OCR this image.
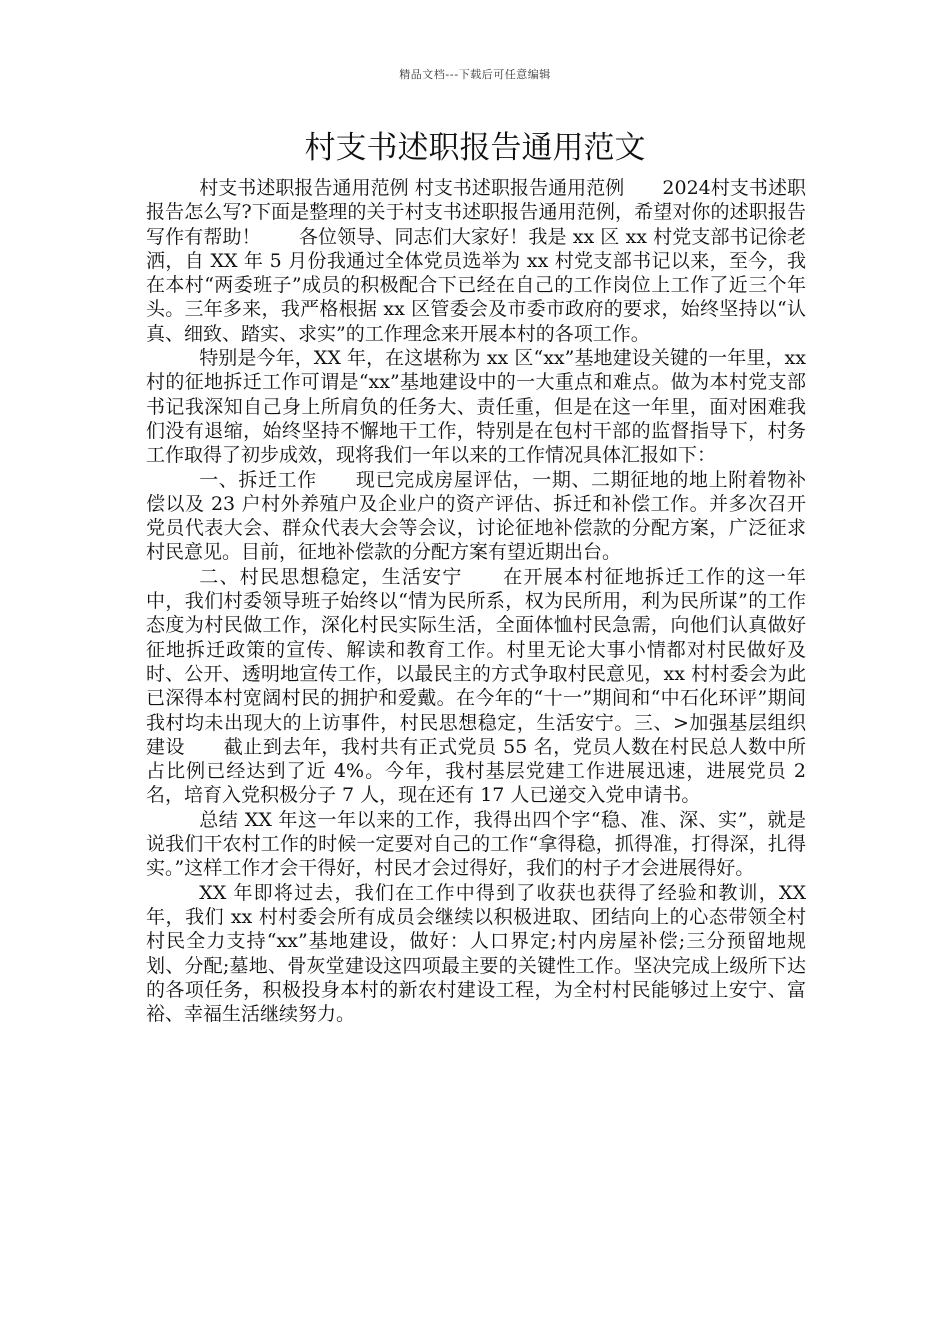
精品文档---下载后可任意编辑
村支书述职报告通用范文

村支书述职报告通用范例 村支书述职报告通用范例　　2024村支书述职报告怎么写?下面是整理的关于村支书述职报告通用范例，希望对你的述职报告写作有帮助！　　各位领导、同志们大家好！我是 xx 区 xx 村党支部书记徐老洒，自 XX 年 5 月份我通过全体党员选举为 xx 村党支部书记以来，至今，我在本村“两委班子”成员的积极配合下已经在自己的工作岗位上工作了近三个年头。三年多来，我严格根据 xx 区管委会及市委市政府的要求，始终坚持以“认真、细致、踏实、求实”的工作理念来开展本村的各项工作。

特别是今年，XX 年，在这堪称为 xx 区“xx”基地建设关键的一年里，xx 村的征地拆迁工作可谓是“xx”基地建设中的一大重点和难点。做为本村党支部书记我深知自己身上所肩负的任务大、责任重，但是在这一年里，面对困难我们没有退缩，始终坚持不懈地干工作，特别是在包村干部的监督指导下，村务工作取得了初步成效，现将我们一年以来的工作情况具体汇报如下：

一、拆迁工作　　现已完成房屋评估，一期、二期征地的地上附着物补偿以及 23 户村外养殖户及企业户的资产评估、拆迁和补偿工作。并多次召开党员代表大会、群众代表大会等会议，讨论征地补偿款的分配方案，广泛征求村民意见。目前，征地补偿款的分配方案有望近期出台。

二、村民思想稳定，生活安宁　　在开展本村征地拆迁工作的这一年中，我们村委领导班子始终以“情为民所系，权为民所用，利为民所谋”的工作态度为村民做工作，深化村民实际生活，全面体恤村民急需，向他们认真做好征地拆迁政策的宣传、解读和教育工作。村里无论大事小情都对村民做好及时、公开、透明地宣传工作，以最民主的方式争取村民意见，xx 村村委会为此已深得本村宽阔村民的拥护和爱戴。在今年的“十一”期间和“中石化环评”期间我村均未出现大的上访事件，村民思想稳定，生活安宁。三、>加强基层组织建设　　截止到去年，我村共有正式党员 55 名，党员人数在村民总人数中所占比例已经达到了近 4%。今年，我村基层党建工作进展迅速，进展党员 2 名，培育入党积极分子 7 人，现在还有 17 人已递交入党申请书。

总结 XX 年这一年以来的工作，我得出四个字“稳、准、深、实”，就是说我们干农村工作的时候一定要对自己的工作“拿得稳，抓得准，打得深，扎得实。”这样工作才会干得好，村民才会过得好，我们的村子才会进展得好。

XX 年即将过去，我们在工作中得到了收获也获得了经验和教训，XX 年，我们 xx 村村委会所有成员会继续以积极进取、团结向上的心态带领全村村民全力支持“xx”基地建设，做好：人口界定;村内房屋补偿;三分预留地规划、分配;墓地、骨灰堂建设这四项最主要的关键性工作。坚决完成上级所下达的各项任务，积极投身本村的新农村建设工程，为全村村民能够过上安宁、富裕、幸福生活继续努力。
